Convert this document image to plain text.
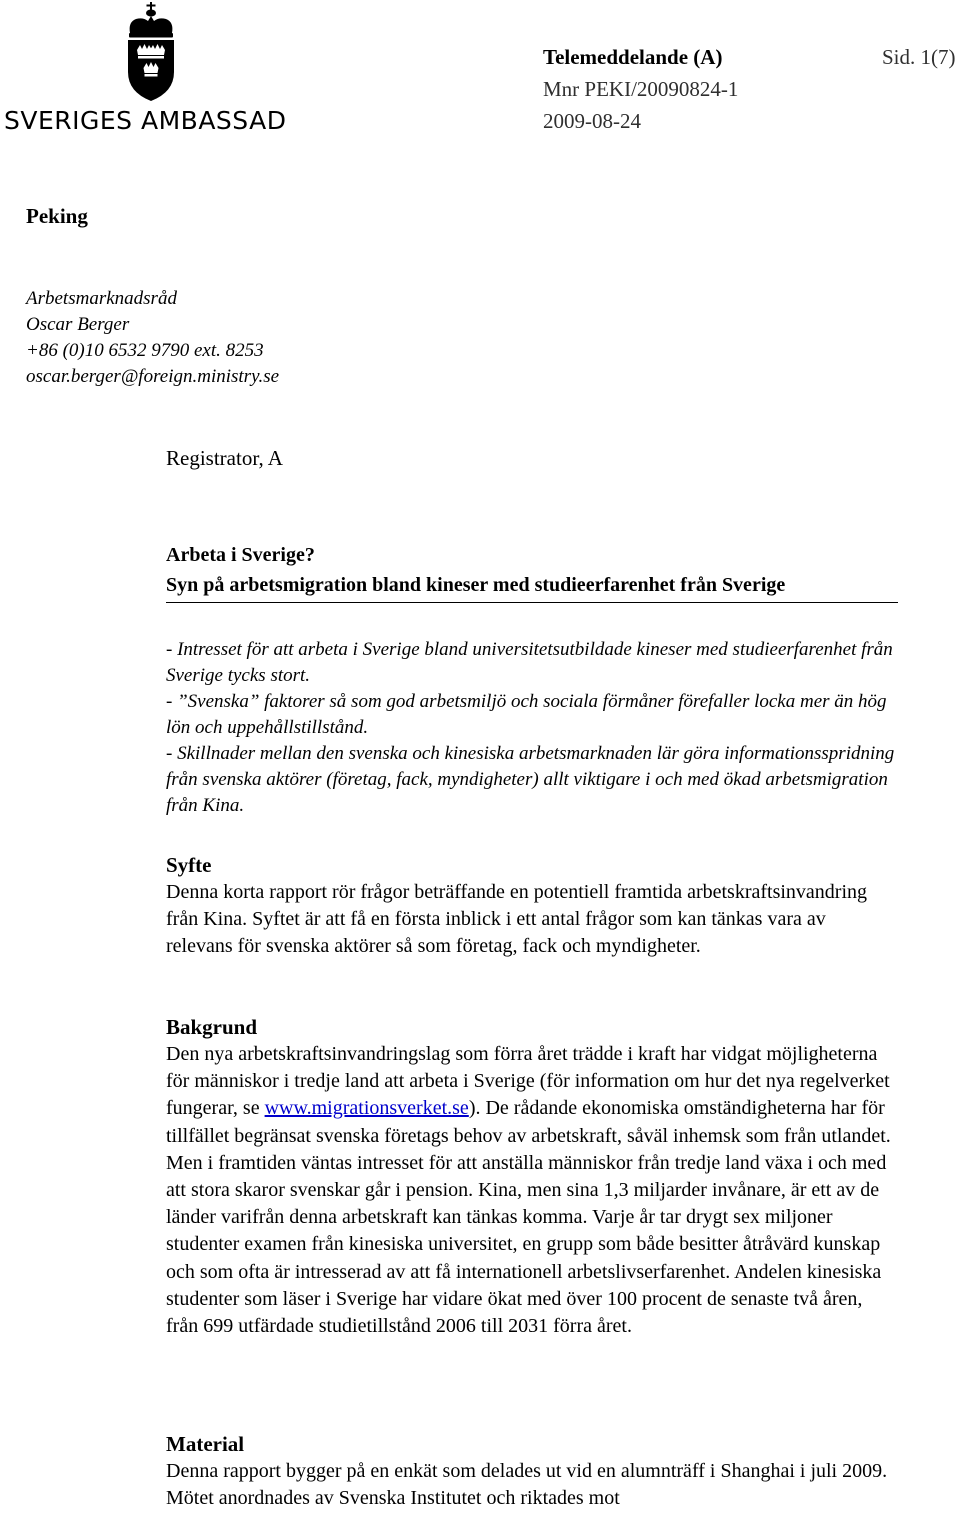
SVERIGES AMBASSAD
Telemeddelande (A)	Sid. 1(7)
Mnr PEKI/20090824-1
2009-08-24
Peking
Arbetsmarknadsråd
Oscar Berger
+86 (0)10 6532 9790 ext. 8253
oscar.berger@foreign.ministry.se
Registrator, A
Arbeta i Sverige?
Syn på arbetsmigration bland kineser med studieerfarenhet från Sverige
- Intresset för att arbeta i Sverige bland universitetsutbildade kineser med studieerfarenhet från Sverige tycks stort.
- ”Svenska” faktorer så som god arbetsmiljö och sociala förmåner förefaller locka mer än hög lön och uppehållstillstånd.
- Skillnader mellan den svenska och kinesiska arbetsmarknaden lär göra informationsspridning från svenska aktörer (företag, fack, myndigheter) allt viktigare i och med ökad arbetsmigration från Kina.
Syfte

Denna korta rapport rör frågor beträffande en potentiell framtida arbetskraftsinvandring från Kina. Syftet är att få en första inblick i ett antal frågor som kan tänkas vara av relevans för svenska aktörer så som företag, fack och myndigheter.

Bakgrund

Den nya arbetskraftsinvandringslag som förra året trädde i kraft har vidgat möjligheterna för människor i tredje land att arbeta i Sverige (för information om hur det nya regelverket fungerar, se www.migrationsverket.se). De rådande ekonomiska omständigheterna har för tillfället begränsat svenska företags behov av arbetskraft, såväl inhemsk som från utlandet. Men i framtiden väntas intresset för att anställa människor från tredje land växa i och med att stora skaror svenskar går i pension. Kina, men sina 1,3 miljarder invånare, är ett av de länder varifrån denna arbetskraft kan tänkas komma. Varje år tar drygt sex miljoner studenter examen från kinesiska universitet, en grupp som både besitter åtråvärd kunskap och som ofta är intresserad av att få internationell arbetslivserfarenhet. Andelen kinesiska studenter som läser i Sverige har vidare ökat med över 100 procent de senaste två åren, från 699 utfärdade studietillstånd 2006 till 2031 förra året.

Material

Denna rapport bygger på en enkät som delades ut vid en alumnträff i Shanghai i juli 2009. Mötet anordnades av Svenska Institutet och riktades mot
